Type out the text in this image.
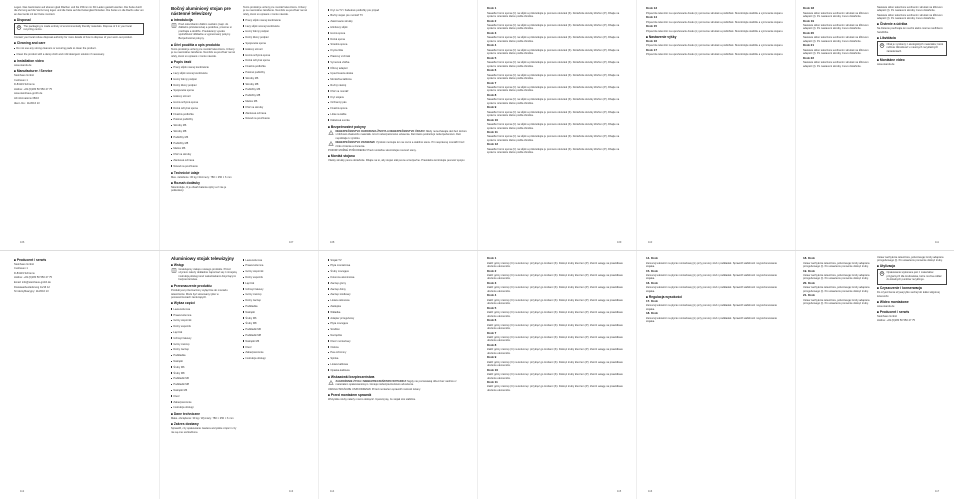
Legen. Das Gerät kann auf ebenen glatt Flächen und bis 150mm im Kfz-Laden gestellt werden. Die Kette durch die Zurrung auf die Verzurrung legen und die Kette auf die Kettenglied hinteilen. Die Kette um die Dachs oder um an das Gerät mit der Kette montiert.

■ Disposal

The packaging is made entirely of environmentally friendly materials. Dispose of it in your local recycling centre.

Contact your local refuse disposal authority for more details of how to dispose of your worn-out product.

■ Cleaning and care

Do not use any strong cleaners or scouring pads to clean the product.

Clean the product with a damp cloth and mild detergent solution if necessary.

■ Installation video

www.stands.de

■ Manufacturer / Service

Steinhaus GmbH

Cuxhaven 1

D-84119 Schrems

Hotline: +49 (0)180 50 550 47 75

www.steinhaus-gmbh.de

All informations 08/16

Ident.-No.: 11/2016 13

106

Bočný aluminiový stojan pre nástenné televízory

■ Introdukcija

Pred odovzdaním ďalším osobám (napr. do ďalšieho príslušenstva) a podobne, prosíme si prečítajte a dodržte. Preukázaný vysoká spoľahlivosť dôkladne a vypracovaný pokyny. Bezpečnostné pokyny.

■ Účel použitia a opis produktu

Tento produkt je určený pre montáž televízorov. Určený je na maximálne zaťaženie. Nemôže sa používať na iné účely, ktoré sú opísané v tomto návode.

■ Popis častí

Pravý stĺpik nosnej konštrukcie

Ľavý stĺpik nosnej konštrukcie

Horný šikmý podpier

Dolný šikmý podpier

Spojovacia spona

Hákový strmeň

Horná úchytná spona

Dolná úchytná spona

Fixačná podložka

Poistné podložky

Skrutky M6

Skrutky M8

Podložky M6

Podložky M8

Matice M6

Kľúč na skrutky

Zámková ochrana

Návod na používanie

■ Technické údaje

Max. zaťaženie: 30 kg / Rozmery: 780 × 250 × 6 mm

■ Rozsah dodávky

Skontrolujte, či je obsah balenia úplný a či nie je poškodený.

Tento produkt je určený pre montáž televízorov. Určený je na maximálne zaťaženie. Nemôže sa používať na iné účely, ktoré sú opísané v tomto návode.

Pravý stĺpik nosnej konštrukcie

Ľavý stĺpik nosnej konštrukcie

Horný šikmý podpier

Dolný šikmý podpier

Spojovacia spona

Hákový strmeň

Horná úchytná spona

Dolná úchytná spona

Fixačná podložka

Poistné podložky

Skrutky M6

Skrutky M8

Podložky M6

Podložky M8

Matice M6

Kľúč na skrutky

Zámková ochrana

Návod na používanie

107

Kryt na TV / Kabelové podložky pre prípad

Bočný stojan pre montáž TV

Zaisťovacie skrutky

Hliníkový stĺpik

Horná spona

Dolná spona

Stredná spona

Krycia lišta

Plastový vrchnák

Vymenná vložka

Kĺbový adaptér

Upevňovacia doska

Montážna šablóna

Ručný nástroj

Kľúč na montáž

Kryt stojanu

Ochranný pás

Fixačná spona

Lišta na káble

Kábelová svorka

■ Bezpečnostné pokyny

!
NEBEZPEČENSTVO OHROZENIA ŽIVOTA A NEBEZPEČENSTVO ÚRAZU! Nikdy nenechávajte deti bez dozoru v blízkosti obalového materiálu. Hrozí nebezpečenstvo udusenia. Deti často podceňujú nebezpečenstvo. Deti nepúšťajte k výrobku.
!
NEBEZPEČENSTVO ZRANENIA! Výrobok montujte len na rovnú a stabilnú stenu. Pri nesprávnej montáži hrozí riziko zrútenia a zranenia.

POZOR! MOŽNÉ POŠKODENIA! Pred montážou skontrolujte nosnosť steny.

■ Montáž stojanu

Všetky skrutky pevne dotiahnite. Dbajte na to, aby stojan stál pevne a bezpečne. Pravidelne kontrolujte pevnosť spojov.

108

Krok 1

Nasaďte hornú spona (C) na stĺpik a priskrutkujte ju pomocou skrutiek (K). Dotiahnite skrutky kľúčom (P). Dbajte na správnu orientáciu dielov podľa obrázka.

Krok 2

Nasaďte hornú spona (C) na stĺpik a priskrutkujte ju pomocou skrutiek (K). Dotiahnite skrutky kľúčom (P). Dbajte na správnu orientáciu dielov podľa obrázka.

Krok 3

Nasaďte hornú spona (C) na stĺpik a priskrutkujte ju pomocou skrutiek (K). Dotiahnite skrutky kľúčom (P). Dbajte na správnu orientáciu dielov podľa obrázka.

Krok 4

Nasaďte hornú spona (C) na stĺpik a priskrutkujte ju pomocou skrutiek (K). Dotiahnite skrutky kľúčom (P). Dbajte na správnu orientáciu dielov podľa obrázka.

Krok 5

Nasaďte hornú spona (C) na stĺpik a priskrutkujte ju pomocou skrutiek (K). Dotiahnite skrutky kľúčom (P). Dbajte na správnu orientáciu dielov podľa obrázka.

Krok 6

Nasaďte hornú spona (C) na stĺpik a priskrutkujte ju pomocou skrutiek (K). Dotiahnite skrutky kľúčom (P). Dbajte na správnu orientáciu dielov podľa obrázka.

Krok 7

Nasaďte hornú spona (C) na stĺpik a priskrutkujte ju pomocou skrutiek (K). Dotiahnite skrutky kľúčom (P). Dbajte na správnu orientáciu dielov podľa obrázka.

Krok 8

Nasaďte hornú spona (C) na stĺpik a priskrutkujte ju pomocou skrutiek (K). Dotiahnite skrutky kľúčom (P). Dbajte na správnu orientáciu dielov podľa obrázka.

Krok 9

Nasaďte hornú spona (C) na stĺpik a priskrutkujte ju pomocou skrutiek (K). Dotiahnite skrutky kľúčom (P). Dbajte na správnu orientáciu dielov podľa obrázka.

Krok 10

Nasaďte hornú spona (C) na stĺpik a priskrutkujte ju pomocou skrutiek (K). Dotiahnite skrutky kľúčom (P). Dbajte na správnu orientáciu dielov podľa obrázka.

Krok 11

Nasaďte hornú spona (C) na stĺpik a priskrutkujte ju pomocou skrutiek (K). Dotiahnite skrutky kľúčom (P). Dbajte na správnu orientáciu dielov podľa obrázka.

Krok 12

Nasaďte hornú spona (C) na stĺpik a priskrutkujte ju pomocou skrutiek (K). Dotiahnite skrutky kľúčom (P). Dbajte na správnu orientáciu dielov podľa obrázka.

109

Krok 13

Pripevnite televízor na upevňovaciu dosku (L) pomocou skrutiek a podložiek. Skontrolujte stabilitu a vyrovnanie stojanu.

Krok 14

Pripevnite televízor na upevňovaciu dosku (L) pomocou skrutiek a podložiek. Skontrolujte stabilitu a vyrovnanie stojanu.

Krok 15

Pripevnite televízor na upevňovaciu dosku (L) pomocou skrutiek a podložiek. Skontrolujte stabilitu a vyrovnanie stojanu.

■ Nastavenie výšky

Krok 16

Pripevnite televízor na upevňovaciu dosku (L) pomocou skrutiek a podložiek. Skontrolujte stabilitu a vyrovnanie stojanu.

Krok 17

Pripevnite televízor na upevňovaciu dosku (L) pomocou skrutiek a podložiek. Skontrolujte stabilitu a vyrovnanie stojanu.

110

Krok 18

Nastavte sklon televízora uvoľnením skrutiek na kĺbovom adaptéri (I). Po nastavení skrutky znovu dotiahnite.

Krok 19

Nastavte sklon televízora uvoľnením skrutiek na kĺbovom adaptéri (I). Po nastavení skrutky znovu dotiahnite.

Krok 20

Nastavte sklon televízora uvoľnením skrutiek na kĺbovom adaptéri (I). Po nastavení skrutky znovu dotiahnite.

Krok 21

Nastavte sklon televízora uvoľnením skrutiek na kĺbovom adaptéri (I). Po nastavení skrutky znovu dotiahnite.

Krok 22

Nastavte sklon televízora uvoľnením skrutiek na kĺbovom adaptéri (I). Po nastavení skrutky znovu dotiahnite.

Nastavte sklon televízora uvoľnením skrutiek na kĺbovom adaptéri (I). Po nastavení skrutky znovu dotiahnite.

Nastavte sklon televízora uvoľnením skrutiek na kĺbovom adaptéri (I). Po nastavení skrutky znovu dotiahnite.

■ Čistenie a údržba

Na čistenie používajte len suchú alebo mierne navlhčenú handričku.

■ Likvidácia

Obal je vyrobený z ekologických materiálov, ktoré môžete zlikvidovať v miestnych recyklačných zariadeniach.

■ Montážne video

www.stands.de

111

■ Producent / serwis

Steinhaus GmbH

Cuxhaven 1

D-84119 Schrems

Hotline: +49 (0)180 50 550 47 75

Email: info@steinhaus-gmbh.de

Dostawa/Auslieferung 11/16 12

Nr identyfikacyjny: 11/2016 13

112

Aluminiowy stojak telewizyjny

■ Wstęp

Gratulujemy zakupu nowego produktu. Przed użyciem należy dokładnie zapoznać się z niniejszą instrukcją obsługi oraz wskazówkami dotyczącymi bezpieczeństwa.

■ Przeznaczenie produktu

Produkt jest przeznaczony wyłącznie do montażu telewizorów. Może być stosowany tylko w pomieszczeniach zamkniętych.

■ Wykaz części

Lewa kolumna

Prawa kolumna

Górny wspornik

Dolny wspornik

Łącznik

Uchwyt hakowy

Górny zaczep

Dolny zaczep

Podkładka

Nakrętki

Śruby M6

Śruby M8

Podkładki M6

Podkładki M8

Nakrętki M6

Klucz

Zabezpieczenie

Instrukcja obsługi

■ Dane techniczne

Maks. obciążenie: 30 kg / Wymiary: 780 × 250 × 6 mm

■ Zakres dostawy

Sprawdź, czy opakowanie zawiera wszystkie części i czy nie są one uszkodzone.

Lewa kolumna

Prawa kolumna

Górny wspornik

Dolny wspornik

Łącznik

Uchwyt hakowy

Górny zaczep

Dolny zaczep

Podkładka

Nakrętki

Śruby M6

Śruby M8

Podkładki M6

Podkładki M8

Nakrętki M6

Klucz

Zabezpieczenie

Instrukcja obsługi

113

Stojak TV

Płyta montażowa

Śruby mocujące

Kolumna aluminiowa

Zaczep górny

Zaczep dolny

Zaczep środkowy

Listwa osłonowa

Zaślepka

Wkładka

Adapter przegubowy

Płyta mocująca

Szablon

Narzędzie

Klucz montażowy

Osłona

Pas ochronny

Spinka

Listwa kablowa

Opaska kablowa

■ Wskazówki bezpieczeństwa

!
ZAGROŻENIE ŻYCIA I NIEBEZPIECZEŃSTWO WYPADKU! Nigdy nie pozostawiaj dzieci bez nadzoru z materiałem opakowaniowym. Istnieje niebezpieczeństwo uduszenia.

UWAGA! MOŻLIWE USZKODZENIA! Przed montażem sprawdź nośność ściany.

■ Przed montażem sprawdź

Wszystkie śruby należy mocno dokręcić. Upewnij się, że stojak stoi stabilnie.

114

Krok 1

Załóż górny zaczep (C) na kolumnę i przykręć go śrubami (K). Dokręć śruby kluczem (P). Zwróć uwagę na prawidłowe ułożenie elementów.

Krok 2

Załóż górny zaczep (C) na kolumnę i przykręć go śrubami (K). Dokręć śruby kluczem (P). Zwróć uwagę na prawidłowe ułożenie elementów.

Krok 3

Załóż górny zaczep (C) na kolumnę i przykręć go śrubami (K). Dokręć śruby kluczem (P). Zwróć uwagę na prawidłowe ułożenie elementów.

Krok 4

Załóż górny zaczep (C) na kolumnę i przykręć go śrubami (K). Dokręć śruby kluczem (P). Zwróć uwagę na prawidłowe ułożenie elementów.

Krok 5

Załóż górny zaczep (C) na kolumnę i przykręć go śrubami (K). Dokręć śruby kluczem (P). Zwróć uwagę na prawidłowe ułożenie elementów.

Krok 6

Załóż górny zaczep (C) na kolumnę i przykręć go śrubami (K). Dokręć śruby kluczem (P). Zwróć uwagę na prawidłowe ułożenie elementów.

Krok 7

Załóż górny zaczep (C) na kolumnę i przykręć go śrubami (K). Dokręć śruby kluczem (P). Zwróć uwagę na prawidłowe ułożenie elementów.

Krok 8

Załóż górny zaczep (C) na kolumnę i przykręć go śrubami (K). Dokręć śruby kluczem (P). Zwróć uwagę na prawidłowe ułożenie elementów.

Krok 9

Załóż górny zaczep (C) na kolumnę i przykręć go śrubami (K). Dokręć śruby kluczem (P). Zwróć uwagę na prawidłowe ułożenie elementów.

Krok 10

Załóż górny zaczep (C) na kolumnę i przykręć go śrubami (K). Dokręć śruby kluczem (P). Zwróć uwagę na prawidłowe ułożenie elementów.

Krok 11

Załóż górny zaczep (C) na kolumnę i przykręć go śrubami (K). Dokręć śruby kluczem (P). Zwróć uwagę na prawidłowe ułożenie elementów.

115

14. Krok

Zamocuj telewizor na płycie montażowej (L) przy pomocy śrub i podkładek. Sprawdź stabilność i wypoziomowanie stojaka.

15. Krok

Zamocuj telewizor na płycie montażowej (L) przy pomocy śrub i podkładek. Sprawdź stabilność i wypoziomowanie stojaka.

16. Krok

Zamocuj telewizor na płycie montażowej (L) przy pomocy śrub i podkładek. Sprawdź stabilność i wypoziomowanie stojaka.

■ Regulacja wysokości

17. Krok

Zamocuj telewizor na płycie montażowej (L) przy pomocy śrub i podkładek. Sprawdź stabilność i wypoziomowanie stojaka.

18. Krok

Zamocuj telewizor na płycie montażowej (L) przy pomocy śrub i podkładek. Sprawdź stabilność i wypoziomowanie stojaka.

116

18. Krok

Ustaw nachylenie telewizora, poluzowując śruby adaptera przegubowego (I). Po ustawieniu ponownie dokręć śruby.

19. Krok

Ustaw nachylenie telewizora, poluzowując śruby adaptera przegubowego (I). Po ustawieniu ponownie dokręć śruby.

20. Krok

Ustaw nachylenie telewizora, poluzowując śruby adaptera przegubowego (I). Po ustawieniu ponownie dokręć śruby.

21. Krok

Ustaw nachylenie telewizora, poluzowując śruby adaptera przegubowego (I). Po ustawieniu ponownie dokręć śruby.

Ustaw nachylenie telewizora, poluzowując śruby adaptera przegubowego (I). Po ustawieniu ponownie dokręć śruby.

■ Utylizacja

Opakowanie wykonane jest z materiałów przyjaznych dla środowiska, które można oddać do lokalnych punktów recyklingu.

■ Czyszczenie i konserwacja

Do czyszczenia używaj tylko suchej lub lekko wilgotnej ściereczki.

■ Wideo montażowe

www.stands.de

■ Producent / serwis

Steinhaus GmbH

Hotline: +49 (0)180 50 550 47 75

117
